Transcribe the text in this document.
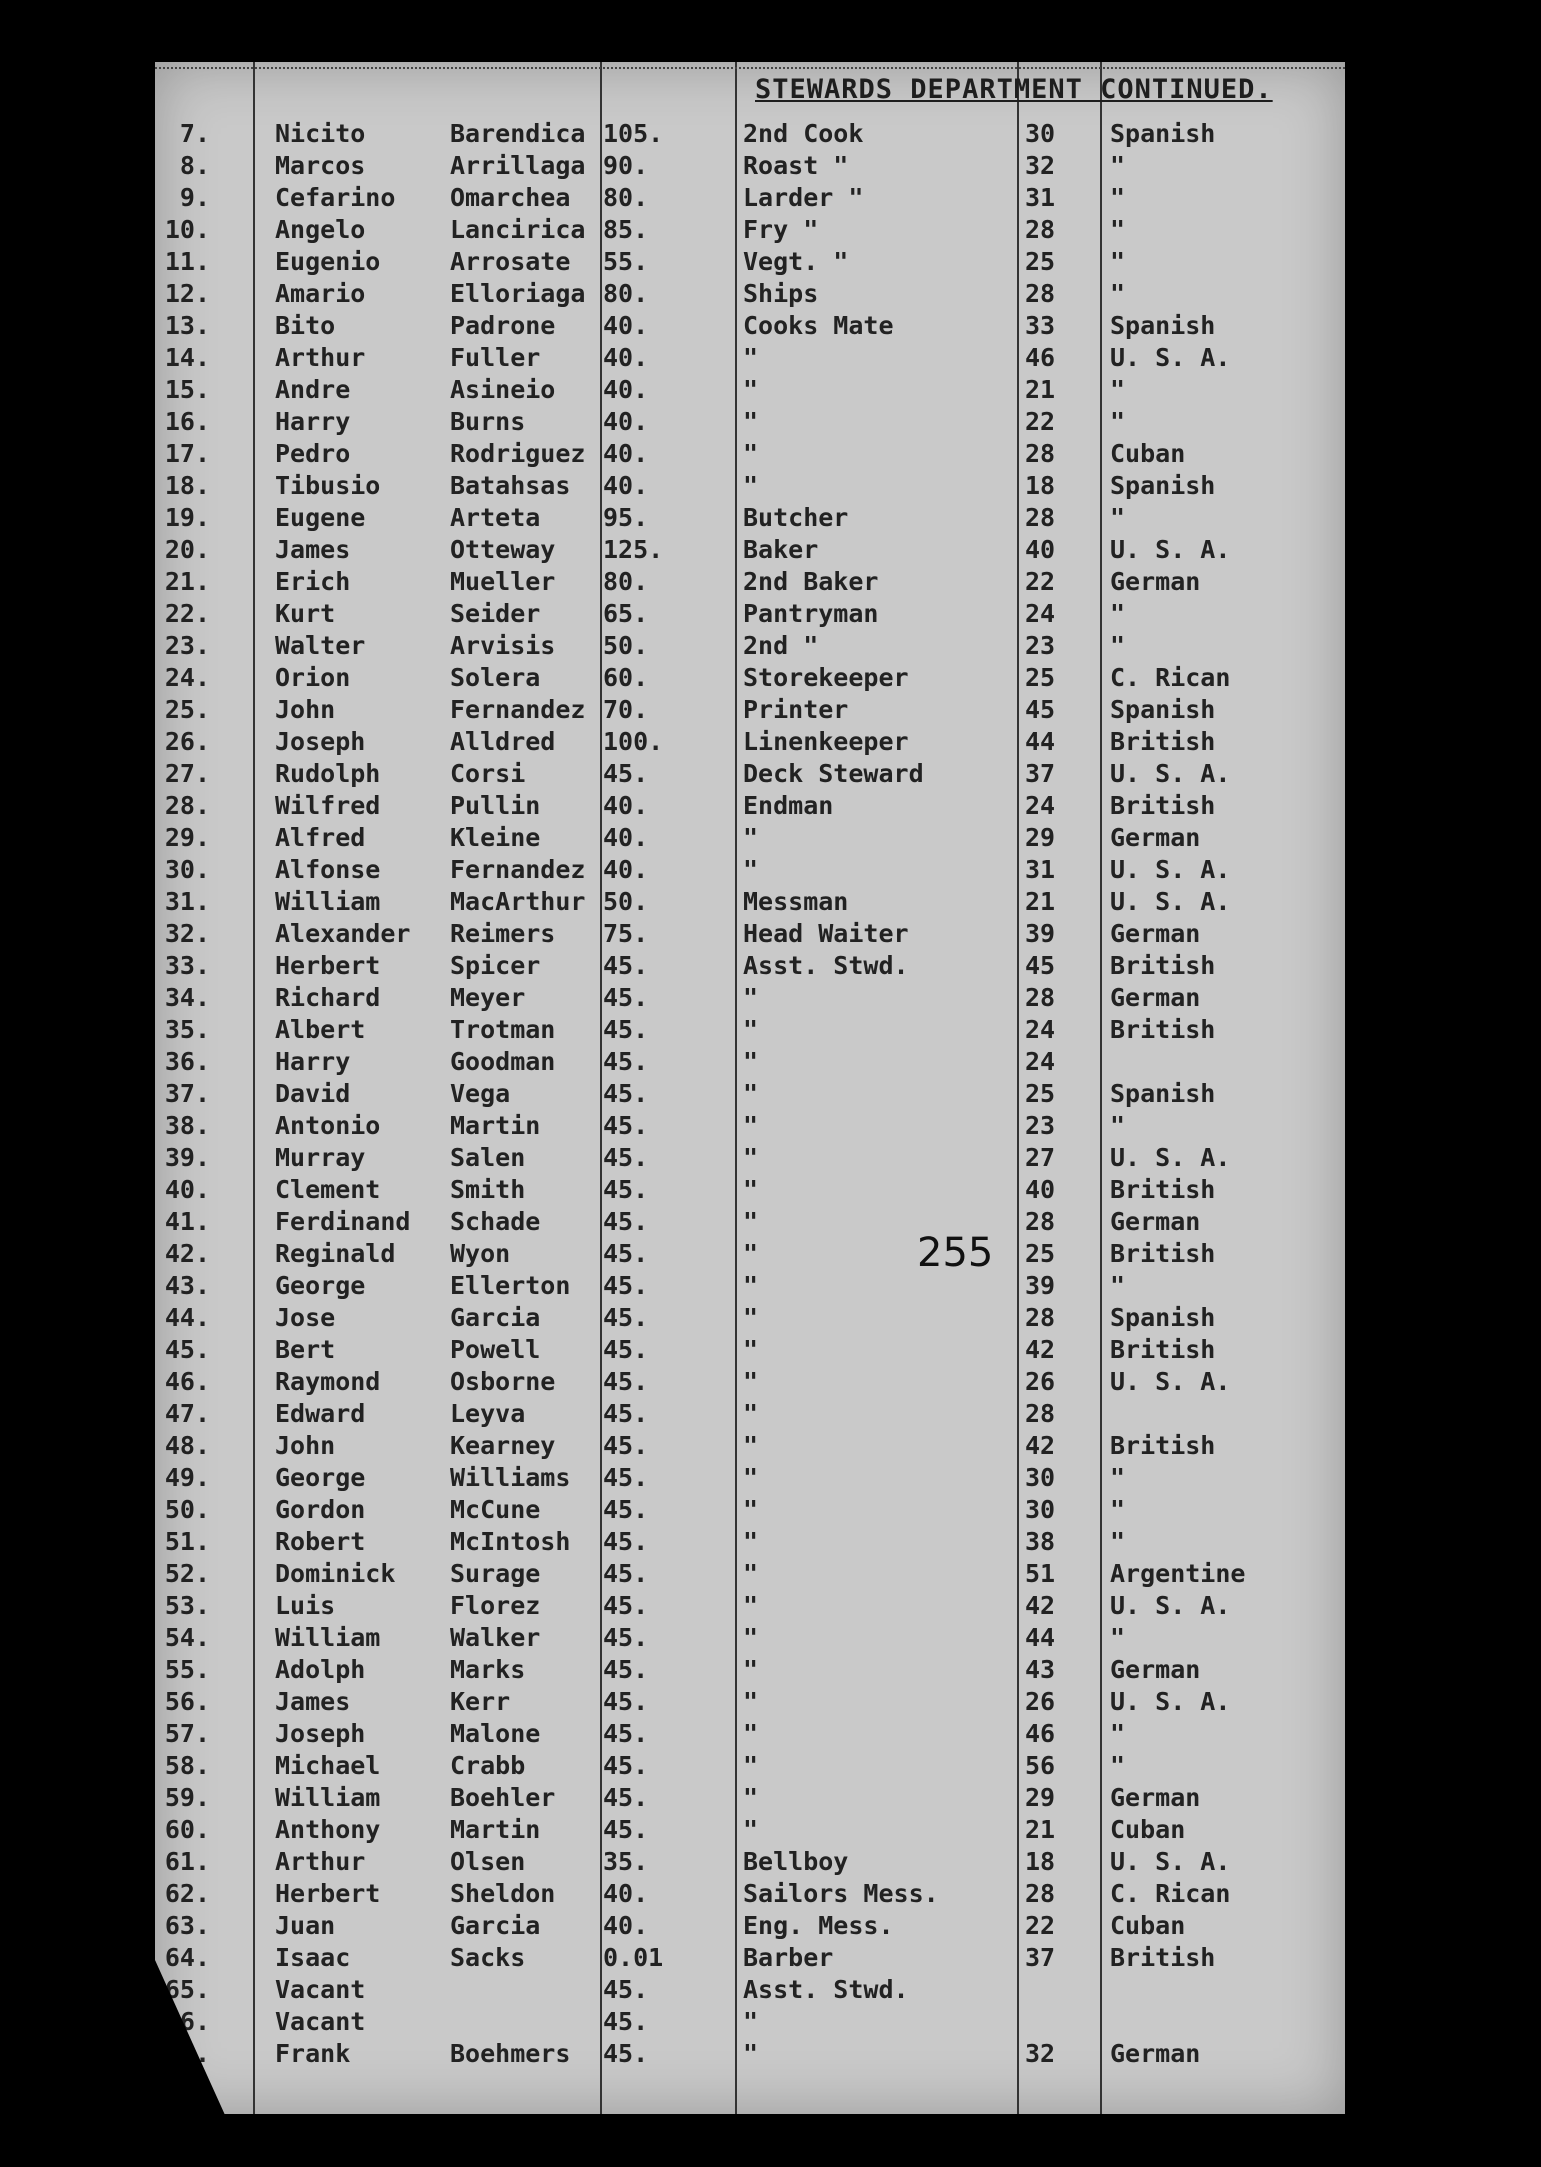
STEWARDS DEPARTMENT CONTINUED.
7.	Nicito	Barendica 105.	2nd Cook	30 Spanish
8.	Marcos	Arrillaga 90.	Roast "	32 "
9.	Cefarino Omarchea 80.	Larder "	31 "
10.	Angelo	Lancirica 85.	Fry "	28 "
11.	Eugenio	Arrosate 55.	Vegt. "	25 "
12.	Amario	Elloriaga 80.	Ships	28 "
13.	Bito	Padrone 40.	Cooks Mate	33 Spanish
14.	Arthur	Fuller	40.	"	46 U. S. A.
15.	Andre	Asineio 40.	"	21 "
16.	Harry	Burns	40.	"	22 "
17.	Pedro	Rodriguez 40.	"	28 Cuban
18.	Tibusio	Batahsas 40.	"	18 Spanish
19.	Eugene	Arteta	95.	Butcher	28 "
20.	James	Otteway 125.	Baker	40 U. S. A.
21.	Erich	Mueller 80.	2nd Baker	22 German
22.	Kurt	Seider	65.	Pantryman	24 "
23.	Walter	Arvisis 50.	2nd "	23 "
24.	Orion	Solera	60.	Storekeeper	25 C. Rican
25.	John	Fernandez 70.	Printer	45 Spanish
26.	Joseph	Alldred 100.	Linenkeeper	44 British
27.	Rudolph	Corsi	45.	Deck Steward	37 U. S. A.
28.	Wilfred	Pullin	40.	Endman	24 British
29.	Alfred	Kleine	40.	"	29 German
30.	Alfonse	Fernandez 40.	"	31 U. S. A.
31.	William	MacArthur 50.	Messman	21 U. S. A.
32.	Alexander Reimers 75.	Head Waiter	39 German
33.	Herbert	Spicer	45.	Asst. Stwd.	45 British
34.	Richard	Meyer	45.	"	28 German
35.	Albert	Trotman 45.	"	24 British
36.	Harry	Goodman 45.	"	24
37.	David	Vega	45.	"	25 Spanish
38.	Antonio	Martin	45.	"	23 "
39.	Murray	Salen	45.	"	27 U. S. A.
40.	Clement	Smith	45.	"	40 British
41.	Ferdinand Schade	45.	"	28 German
42.	Reginald Wyon	45.	"	25 British
43.	George	Ellerton 45.	"	39 "
44.	Jose	Garcia	45.	"	28 Spanish
45.	Bert	Powell	45.	"	42 British
46.	Raymond	Osborne 45.	"	26 U. S. A.
47.	Edward	Leyva	45.	"	28
48.	John	Kearney 45.	"	42 British
49.	George	Williams 45.	"	30 "
50.	Gordon	McCune	45.	"	30 "
51.	Robert	McIntosh 45.	"	38 "
52.	Dominick Surage	45.	"	51 Argentine
53.	Luis	Florez	45.	"	42 U. S. A.
54.	William	Walker	45.	"	44 "
55.	Adolph	Marks	45.	"	43 German
56.	James	Kerr	45.	"	26 U. S. A.
57.	Joseph	Malone	45.	"	46 "
58.	Michael	Crabb	45.	"	56 "
59.	William	Boehler 45.	"	29 German
60.	Anthony	Martin	45.	"	21 Cuban
61.	Arthur	Olsen	35.	Bellboy	18 U. S. A.
62.	Herbert	Sheldon 40.	Sailors Mess.	28 C. Rican
63.	Juan	Garcia	40.	Eng. Mess.	22 Cuban
64.	Isaac	Sacks	0.01	Barber	37 British
65.	Vacant	45.	Asst. Stwd.
66.	Vacant	45.	"
67.	Frank	Boehmers 45.	"	32 German
255
